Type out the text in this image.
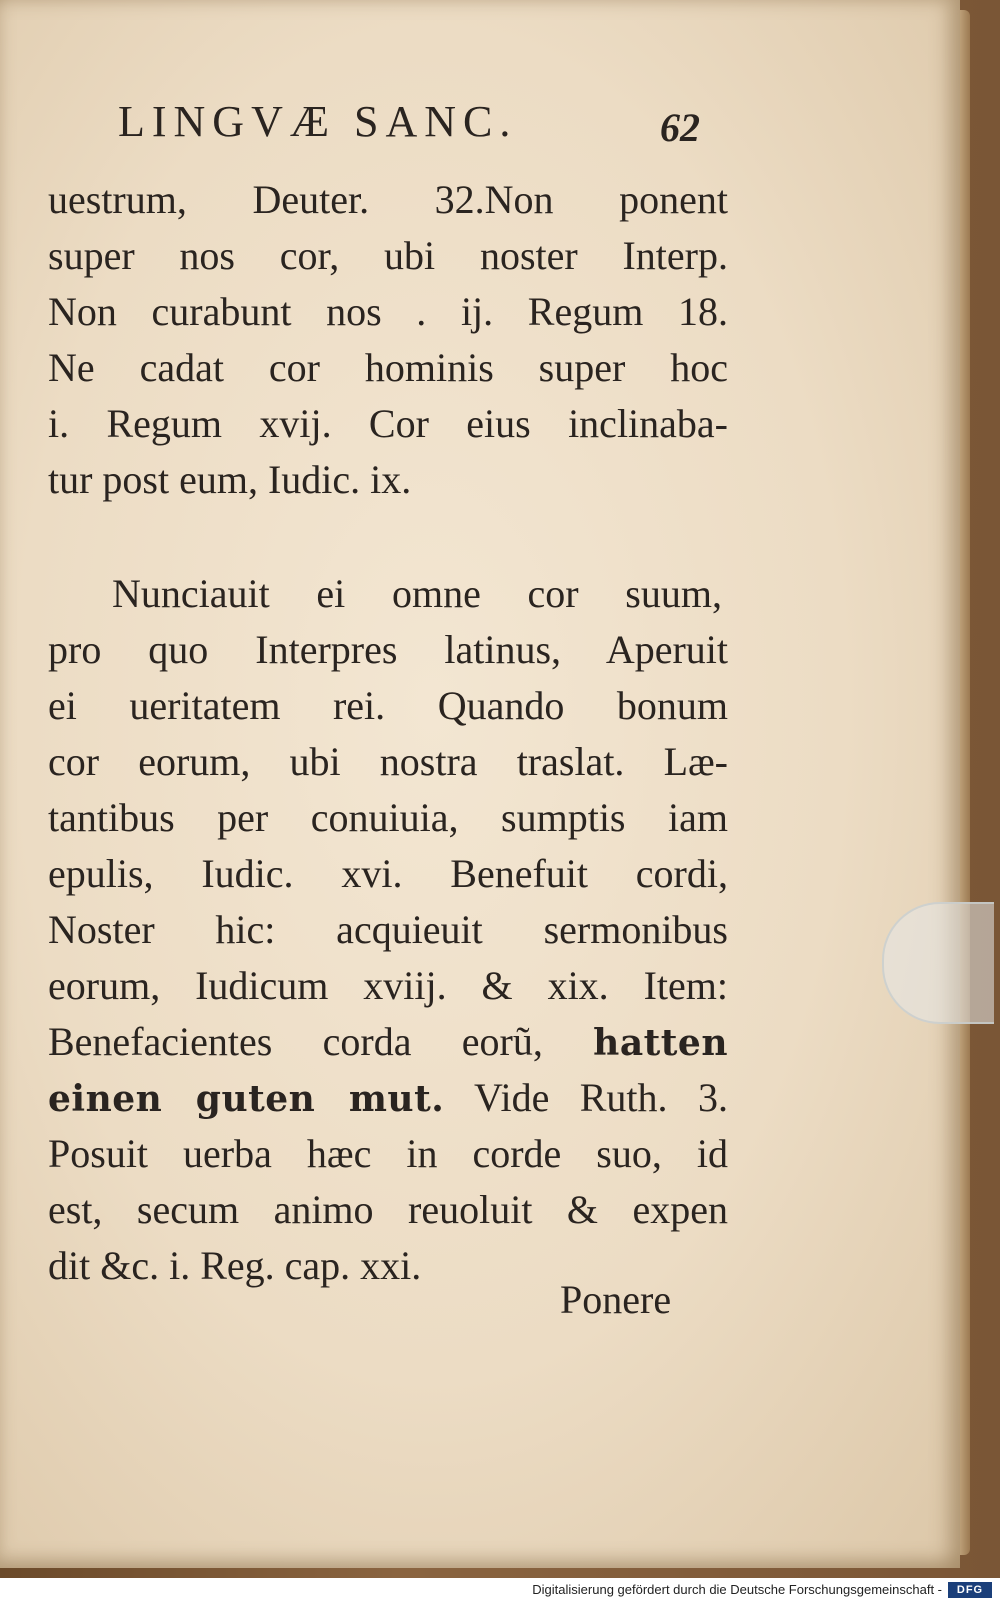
LINGVÆ SANC.	62
uestrum, Deuter. 32.Non ponent
super nos cor, ubi noster Interp.
Non curabunt nos . ij. Regum 18.
Ne cadat cor hominis super hoc
i. Regum xvij. Cor eius inclinaba-
tur post eum, Iudic. ix.
Nunciauit ei omne cor suum,
pro quo Interpres latinus, Aperuit
ei ueritatem rei. Quando bonum
cor eorum, ubi nostra traslat. Læ-
tantibus per conuiuia, sumptis iam
epulis, Iudic. xvi. Benefuit cordi,
Noster hic: acquieuit sermonibus
eorum, Iudicum xviij. & xix. Item:
Benefacientes corda eorũ, hatten
einen guten mut. Vide Ruth. 3.
Posuit uerba hæc in corde suo, id
est, secum animo reuoluit & expen
dit &c. i. Reg. cap. xxi.
Ponere
Digitalisierung gefördert durch die Deutsche Forschungsgemeinschaft -	DFG
